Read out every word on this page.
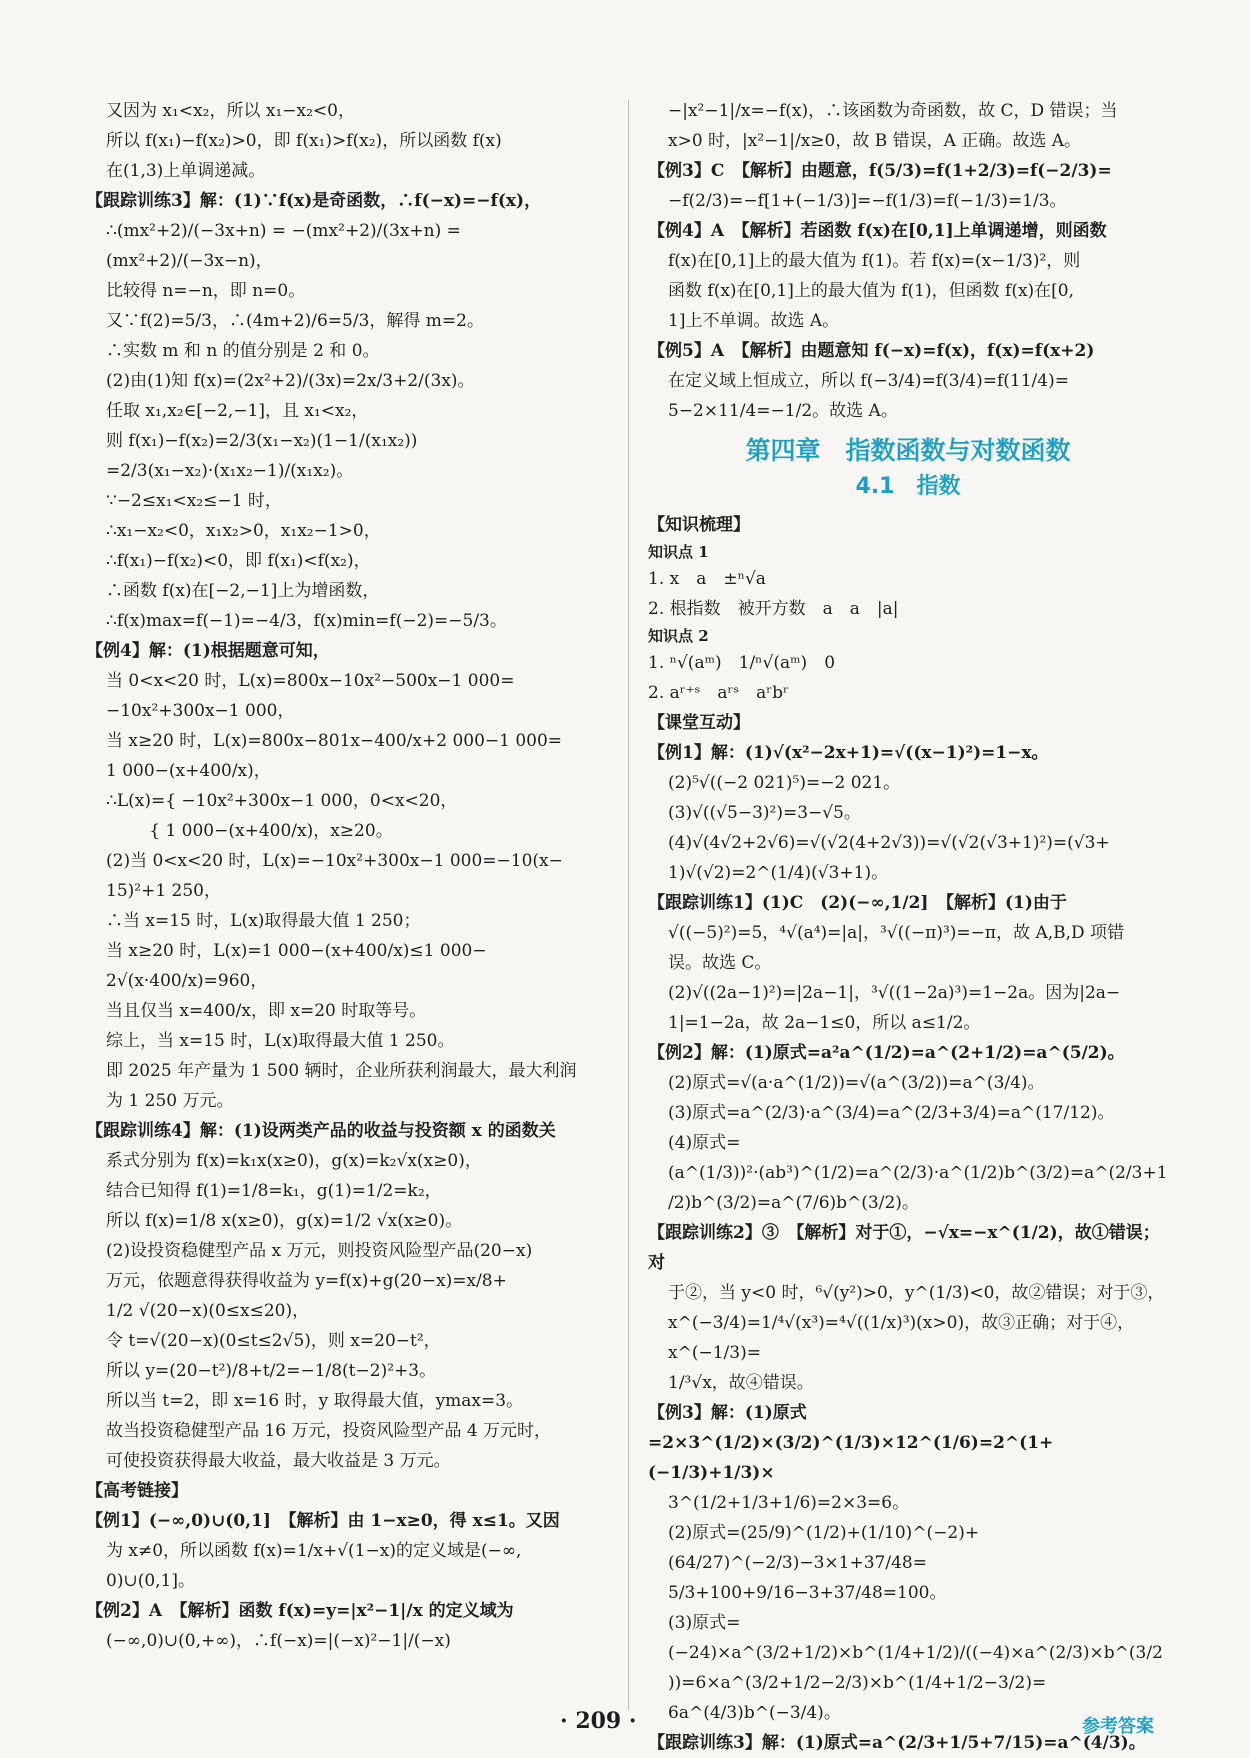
又因为 x₁<x₂，所以 x₁−x₂<0，
所以 f(x₁)−f(x₂)>0，即 f(x₁)>f(x₂)，所以函数 f(x)
在(1,3)上单调递减。
【跟踪训练3】解：(1)∵f(x)是奇函数，∴f(−x)=−f(x)，
∴(mx²+2)/(−3x+n) = −(mx²+2)/(3x+n) = (mx²+2)/(−3x−n)，
比较得 n=−n，即 n=0。
又∵f(2)=5/3，∴(4m+2)/6=5/3，解得 m=2。
∴实数 m 和 n 的值分别是 2 和 0。
(2)由(1)知 f(x)=(2x²+2)/(3x)=2x/3+2/(3x)。
任取 x₁,x₂∈[−2,−1]，且 x₁<x₂，
则 f(x₁)−f(x₂)=2/3(x₁−x₂)(1−1/(x₁x₂))
=2/3(x₁−x₂)·(x₁x₂−1)/(x₁x₂)。
∵−2≤x₁<x₂≤−1 时，
∴x₁−x₂<0，x₁x₂>0，x₁x₂−1>0，
∴f(x₁)−f(x₂)<0，即 f(x₁)<f(x₂)，
∴函数 f(x)在[−2,−1]上为增函数，
∴f(x)max=f(−1)=−4/3，f(x)min=f(−2)=−5/3。
【例4】解：(1)根据题意可知，
当 0<x<20 时，L(x)=800x−10x²−500x−1 000=
−10x²+300x−1 000，
当 x≥20 时，L(x)=800x−801x−400/x+2 000−1 000=
1 000−(x+400/x)，
∴L(x)={ −10x²+300x−1 000，0<x<20，
{ 1 000−(x+400/x)，x≥20。
(2)当 0<x<20 时，L(x)=−10x²+300x−1 000=−10(x−
15)²+1 250，
∴当 x=15 时，L(x)取得最大值 1 250；
当 x≥20 时，L(x)=1 000−(x+400/x)≤1 000−
2√(x·400/x)=960，
当且仅当 x=400/x，即 x=20 时取等号。
综上，当 x=15 时，L(x)取得最大值 1 250。
即 2025 年产量为 1 500 辆时，企业所获利润最大，最大利润
为 1 250 万元。
【跟踪训练4】解：(1)设两类产品的收益与投资额 x 的函数关
系式分别为 f(x)=k₁x(x≥0)，g(x)=k₂√x(x≥0)，
结合已知得 f(1)=1/8=k₁，g(1)=1/2=k₂，
所以 f(x)=1/8 x(x≥0)，g(x)=1/2 √x(x≥0)。
(2)设投资稳健型产品 x 万元，则投资风险型产品(20−x)
万元，依题意得获得收益为 y=f(x)+g(20−x)=x/8+
1/2 √(20−x)(0≤x≤20)，
令 t=√(20−x)(0≤t≤2√5)，则 x=20−t²，
所以 y=(20−t²)/8+t/2=−1/8(t−2)²+3。
所以当 t=2，即 x=16 时，y 取得最大值，ymax=3。
故当投资稳健型产品 16 万元，投资风险型产品 4 万元时，
可使投资获得最大收益，最大收益是 3 万元。
【高考链接】
【例1】(−∞,0)∪(0,1]　【解析】由 1−x≥0，得 x≤1。又因
为 x≠0，所以函数 f(x)=1/x+√(1−x)的定义域是(−∞,
0)∪(0,1]。
【例2】A　【解析】函数 f(x)=y=|x²−1|/x 的定义域为
(−∞,0)∪(0,+∞)，∴f(−x)=|(−x)²−1|/(−x)
−|x²−1|/x=−f(x)，∴该函数为奇函数，故 C，D 错误；当
x>0 时，|x²−1|/x≥0，故 B 错误，A 正确。故选 A。
【例3】C　【解析】由题意，f(5/3)=f(1+2/3)=f(−2/3)=
−f(2/3)=−f[1+(−1/3)]=−f(1/3)=f(−1/3)=1/3。
【例4】A　【解析】若函数 f(x)在[0,1]上单调递增，则函数
f(x)在[0,1]上的最大值为 f(1)。若 f(x)=(x−1/3)²，则
函数 f(x)在[0,1]上的最大值为 f(1)，但函数 f(x)在[0,
1]上不单调。故选 A。
【例5】A　【解析】由题意知 f(−x)=f(x)，f(x)=f(x+2)
在定义域上恒成立，所以 f(−3/4)=f(3/4)=f(11/4)=
5−2×11/4=−1/2。故选 A。
第四章　指数函数与对数函数
4.1　指数
【知识梳理】
知识点 1
1. x　a　±ⁿ√a
2. 根指数　被开方数　a　a　|a|
知识点 2
1. ⁿ√(aᵐ)　1/ⁿ√(aᵐ)　0
2. aʳ⁺ˢ　aʳˢ　aʳbʳ
【课堂互动】
【例1】解：(1)√(x²−2x+1)=√((x−1)²)=1−x。
(2)⁵√((−2 021)⁵)=−2 021。
(3)√((√5−3)²)=3−√5。
(4)√(4√2+2√6)=√(√2(4+2√3))=√(√2(√3+1)²)=(√3+
1)√(√2)=2^(1/4)(√3+1)。
【跟踪训练1】(1)C　(2)(−∞,1/2]　【解析】(1)由于
√((−5)²)=5，⁴√(a⁴)=|a|，³√((−π)³)=−π，故 A,B,D 项错
误。故选 C。
(2)√((2a−1)²)=|2a−1|，³√((1−2a)³)=1−2a。因为|2a−
1|=1−2a，故 2a−1≤0，所以 a≤1/2。
【例2】解：(1)原式=a²a^(1/2)=a^(2+1/2)=a^(5/2)。
(2)原式=√(a·a^(1/2))=√(a^(3/2))=a^(3/4)。
(3)原式=a^(2/3)·a^(3/4)=a^(2/3+3/4)=a^(17/12)。
(4)原式=(a^(1/3))²·(ab³)^(1/2)=a^(2/3)·a^(1/2)b^(3/2)=a^(2/3+1/2)b^(3/2)=a^(7/6)b^(3/2)。
【跟踪训练2】③　【解析】对于①，−√x=−x^(1/2)，故①错误；对
于②，当 y<0 时，⁶√(y²)>0，y^(1/3)<0，故②错误；对于③，
x^(−3/4)=1/⁴√(x³)=⁴√((1/x)³)(x>0)，故③正确；对于④，x^(−1/3)=
1/³√x，故④错误。
【例3】解：(1)原式=2×3^(1/2)×(3/2)^(1/3)×12^(1/6)=2^(1+(−1/3)+1/3)×
3^(1/2+1/3+1/6)=2×3=6。
(2)原式=(25/9)^(1/2)+(1/10)^(−2)+(64/27)^(−2/3)−3×1+37/48=
5/3+100+9/16−3+37/48=100。
(3)原式=(−24)×a^(3/2+1/2)×b^(1/4+1/2)/((−4)×a^(2/3)×b^(3/2))=6×a^(3/2+1/2−2/3)×b^(1/4+1/2−3/2)=
6a^(4/3)b^(−3/4)。
【跟踪训练3】解：(1)原式=a^(2/3+1/5+7/15)=a^(4/3)。
· 209 ·	参考答案
